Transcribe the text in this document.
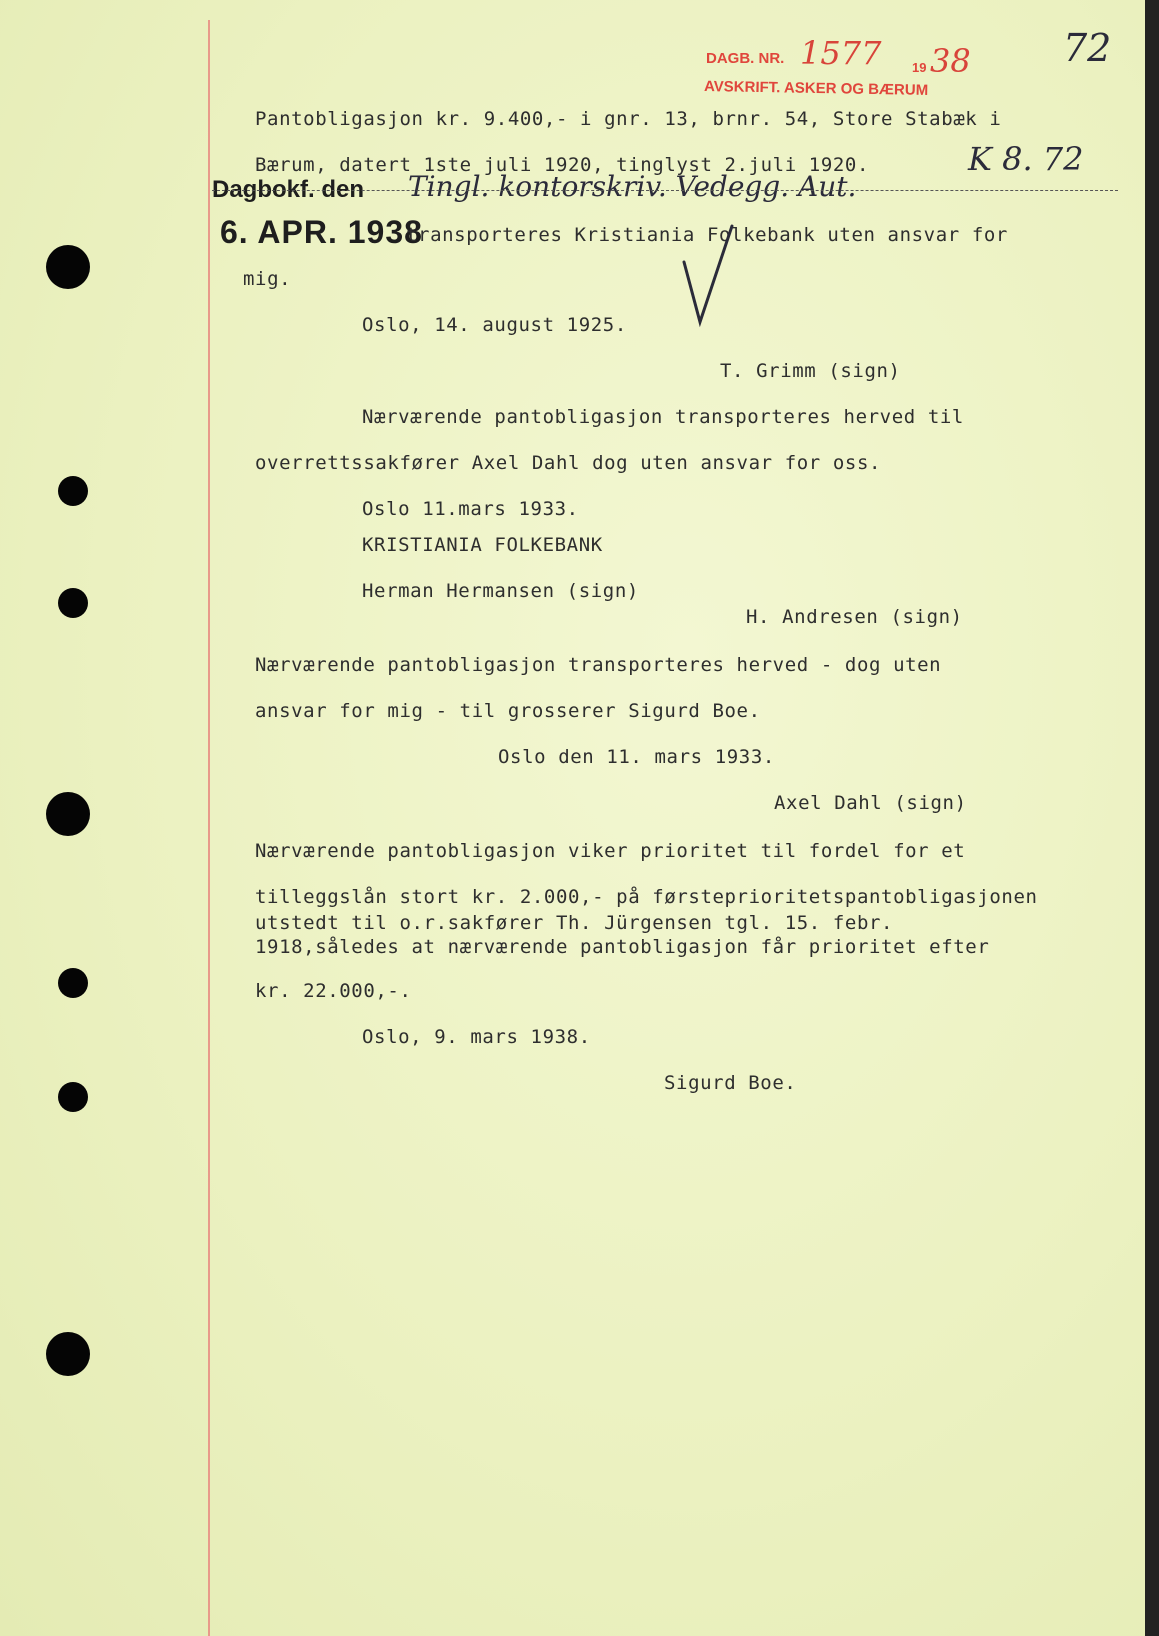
DAGB. NR. 1577 19 38
AVSKRIFT. ASKER OG BÆRUM
72
Pantobligasjon kr. 9.400,- i gnr. 13, brnr. 54, Store Stabæk i
Bærum, datert 1ste juli 1920, tinglyst 2.juli 1920.	K 8. 72
Dagbokf. den Tingl. kontorskriv. Vedegg. Aut.
6. APR. 1938
transporteres Kristiania Folkebank uten ansvar for
mig.
Oslo, 14. august 1925.
T. Grimm (sign)
Nærværende pantobligasjon transporteres herved til
overrettssakfører Axel Dahl dog uten ansvar for oss.
Oslo 11.mars 1933.
KRISTIANIA FOLKEBANK
Herman Hermansen (sign)
H. Andresen (sign)
Nærværende pantobligasjon transporteres herved - dog uten
ansvar for mig - til grosserer Sigurd Boe.
Oslo den 11. mars 1933.
Axel Dahl (sign)
Nærværende pantobligasjon viker prioritet til fordel for et
tilleggslån stort kr. 2.000,- på førsteprioritetspantobligasjonen
utstedt til o.r.sakfører Th. Jürgensen tgl. 15. febr.
1918,således at nærværende pantobligasjon får prioritet efter
kr. 22.000,-.
Oslo, 9. mars 1938.
Sigurd Boe.
